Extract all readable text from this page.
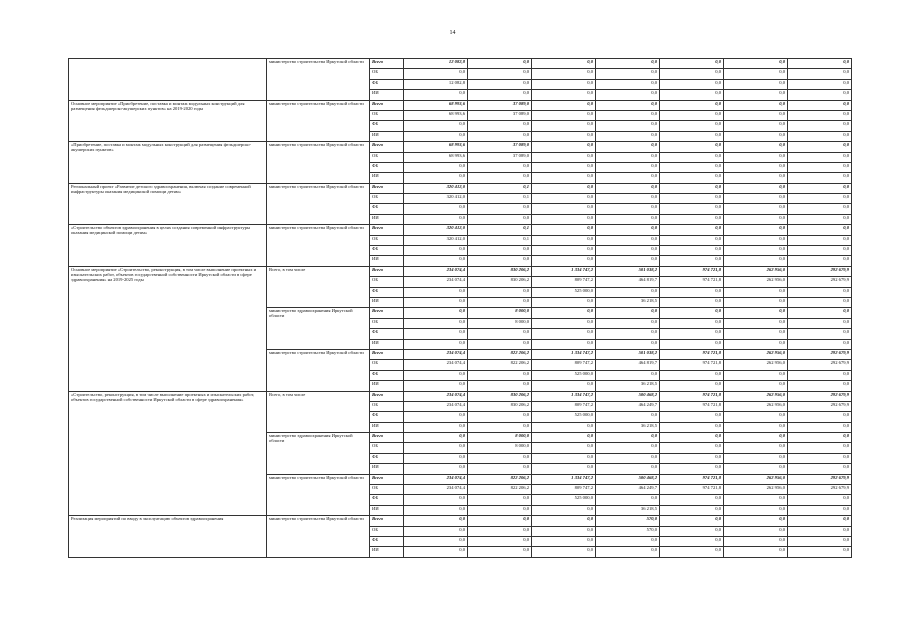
14
	министерство строительства Иркутской области	Всего	12 082,8	0,0	0,0	0,0	0,0	0,0	0,0
		ОБ	0,0	0,0	0,0	0,0	0,0	0,0	0,0
		ФБ	12 082,8	0,0	0,0	0,0	0,0	0,0	0,0
		ИИ	0,0	0,0	0,0	0,0	0,0	0,0	0,0
Основное мероприятие «Приобретение, поставка и монтаж модульных конструкций для размещения фельдшерско-акушерских пунктов» на 2019-2020 годы	министерство строительства Иркутской области	Всего	68 993,6	37 089,0	0,0	0,0	0,0	0,0	0,0
		ОБ	68 993,6	37 089,0	0,0	0,0	0,0	0,0	0,0
		ФБ	0,0	0,0	0,0	0,0	0,0	0,0	0,0
		ИИ	0,0	0,0	0,0	0,0	0,0	0,0	0,0
«Приобретение, поставка и монтаж модульных конструкций для размещения фельдшерско-акушерских пунктов»	министерство строительства Иркутской области	Всего	68 993,6	37 089,0	0,0	0,0	0,0	0,0	0,0
		ОБ	68 993,6	37 089,0	0,0	0,0	0,0	0,0	0,0
		ФБ	0,0	0,0	0,0	0,0	0,0	0,0	0,0
		ИИ	0,0	0,0	0,0	0,0	0,0	0,0	0,0
Региональный проект «Развитие детского здравоохранения, включая создание современной инфраструктуры оказания медицинской помощи детям»	министерство строительства Иркутской области	Всего	320 412,0	0,1	0,0	0,0	0,0	0,0	0,0
		ОБ	320 412,0	0,1	0,0	0,0	0,0	0,0	0,0
		ФБ	0,0	0,0	0,0	0,0	0,0	0,0	0,0
		ИИ	0,0	0,0	0,0	0,0	0,0	0,0	0,0
«Строительство объектов здравоохранения в целях создания современной инфраструктуры оказания медицинской помощи детям»	министерство строительства Иркутской области	Всего	320 412,0	0,1	0,0	0,0	0,0	0,0	0,0
		ОБ	320 412,0	0,1	0,0	0,0	0,0	0,0	0,0
		ФБ	0,0	0,0	0,0	0,0	0,0	0,0	0,0
		ИИ	0,0	0,0	0,0	0,0	0,0	0,0	0,0
Основное мероприятие «Строительство, реконструкция, в том числе выполнение проектных и изыскательских работ, объектов государственной собственности Иркутской области в сфере здравоохранения» на 2019-2025 годы	Всего, в том числе	Всего	234 074,4	830 206,2	1 334 747,2	501 038,2	974 721,8	262 956,0	292 679,9
		ОБ	234 074,4	830 206,2	809 747,2	464 819,7	974 721,8	262 956,0	292 679,9
		ФБ	0,0	0,0	525 000,0	0,0	0,0	0,0	0,0
		ИИ	0,0	0,0	0,0	36 218,5	0,0	0,0	0,0
	министерство здравоохранения Иркутской области	Всего	0,0	8 000,0	0,0	0,0	0,0	0,0	0,0
		ОБ	0,0	8 000,0	0,0	0,0	0,0	0,0	0,0
		ФБ	0,0	0,0	0,0	0,0	0,0	0,0	0,0
		ИИ	0,0	0,0	0,0	0,0	0,0	0,0	0,0
	министерство строительства Иркутской области	Всего	234 074,4	822 206,2	1 334 747,2	501 038,2	974 721,8	262 956,0	292 679,9
		ОБ	234 074,4	822 206,2	809 747,2	464 819,7	974 721,8	262 956,0	292 679,9
		ФБ	0,0	0,0	525 000,0	0,0	0,0	0,0	0,0
		ИИ	0,0	0,0	0,0	36 218,5	0,0	0,0	0,0
«Строительство, реконструкция, в том числе выполнение проектных и изыскательских работ, объектов государственной собственности Иркутской области в сфере здравоохранения»	Всего, в том числе	Всего	234 074,4	830 206,2	1 334 747,2	500 468,2	974 721,8	262 956,0	292 679,9
		ОБ	234 074,4	830 206,2	809 747,2	464 249,7	974 721,8	262 956,0	292 679,9
		ФБ	0,0	0,0	525 000,0	0,0	0,0	0,0	0,0
		ИИ	0,0	0,0	0,0	36 218,5	0,0	0,0	0,0
	министерство здравоохранения Иркутской области	Всего	0,0	8 000,0	0,0	0,0	0,0	0,0	0,0
		ОБ	0,0	8 000,0	0,0	0,0	0,0	0,0	0,0
		ФБ	0,0	0,0	0,0	0,0	0,0	0,0	0,0
		ИИ	0,0	0,0	0,0	0,0	0,0	0,0	0,0
	министерство строительства Иркутской области	Всего	234 074,4	822 206,2	1 334 747,2	500 468,2	974 721,8	262 956,0	292 679,9
		ОБ	234 074,4	822 206,2	809 747,2	464 249,7	974 721,8	262 956,0	292 679,9
		ФБ	0,0	0,0	525 000,0	0,0	0,0	0,0	0,0
		ИИ	0,0	0,0	0,0	36 218,5	0,0	0,0	0,0
Реализация мероприятий по вводу в эксплуатацию объектов здравоохранения	министерство строительства Иркутской области	Всего	0,0	0,0	0,0	570,0	0,0	0,0	0,0
		ОБ	0,0	0,0	0,0	570,0	0,0	0,0	0,0
		ФБ	0,0	0,0	0,0	0,0	0,0	0,0	0,0
		ИИ	0,0	0,0	0,0	0,0	0,0	0,0	0,0
